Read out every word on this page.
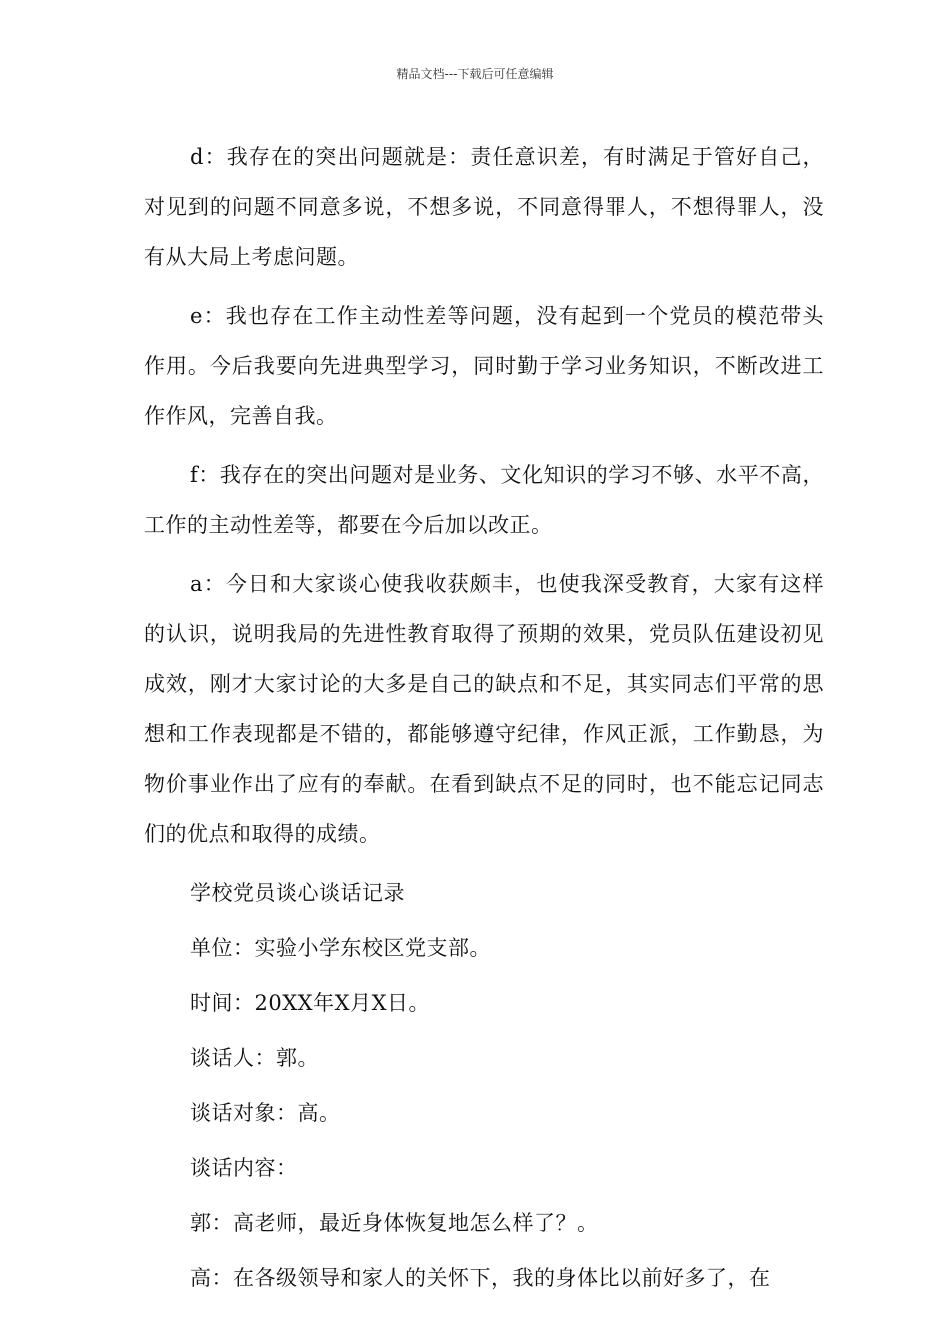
精品文档---下载后可任意编辑

d：我存在的突出问题就是：责任意识差，有时满足于管好自己，对见到的问题不同意多说，不想多说，不同意得罪人，不想得罪人，没有从大局上考虑问题。

e：我也存在工作主动性差等问题，没有起到一个党员的模范带头作用。今后我要向先进典型学习，同时勤于学习业务知识，不断改进工作作风，完善自我。

f：我存在的突出问题对是业务、文化知识的学习不够、水平不高，工作的主动性差等，都要在今后加以改正。

a：今日和大家谈心使我收获颇丰，也使我深受教育，大家有这样的认识，说明我局的先进性教育取得了预期的效果，党员队伍建设初见成效，刚才大家讨论的大多是自己的缺点和不足，其实同志们平常的思想和工作表现都是不错的，都能够遵守纪律，作风正派，工作勤恳，为物价事业作出了应有的奉献。在看到缺点不足的同时，也不能忘记同志们的优点和取得的成绩。

学校党员谈心谈话记录

单位：实验小学东校区党支部。

时间：20XX年X月X日。

谈话人：郭。

谈话对象：高。

谈话内容：

郭：高老师，最近身体恢复地怎么样了？。

高：在各级领导和家人的关怀下，我的身体比以前好多了，在
